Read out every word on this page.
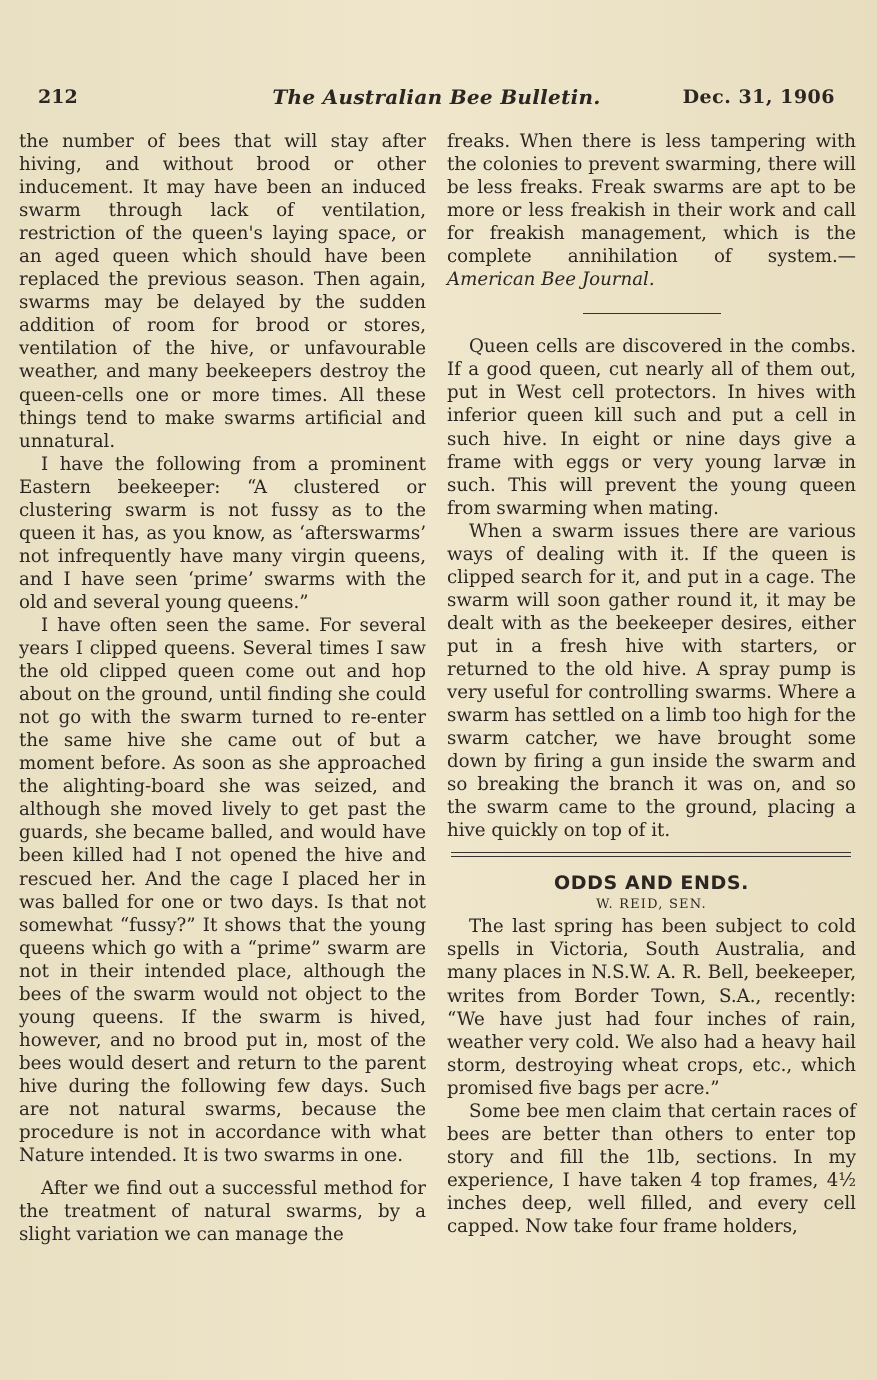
212	The Australian Bee Bulletin.	Dec. 31, 1906

the number of bees that will stay after hiving, and without brood or other inducement. It may have been an induced swarm through lack of ventilation, restriction of the queen's laying space, or an aged queen which should have been replaced the previous season. Then again, swarms may be delayed by the sudden addition of room for brood or stores, ventilation of the hive, or unfavourable weather, and many beekeepers destroy the queen-cells one or more times. All these things tend to make swarms artificial and unnatural.

I have the following from a prominent Eastern beekeeper: “A clustered or clustering swarm is not fussy as to the queen it has, as you know, as ‘afterswarms’ not infrequently have many virgin queens, and I have seen ‘prime’ swarms with the old and several young queens.”

I have often seen the same. For several years I clipped queens. Several times I saw the old clipped queen come out and hop about on the ground, until finding she could not go with the swarm turned to re-enter the same hive she came out of but a moment before. As soon as she approached the alighting-board she was seized, and although she moved lively to get past the guards, she became balled, and would have been killed had I not opened the hive and rescued her. And the cage I placed her in was balled for one or two days. Is that not somewhat “fussy?” It shows that the young queens which go with a “prime” swarm are not in their intended place, although the bees of the swarm would not object to the young queens. If the swarm is hived, however, and no brood put in, most of the bees would desert and return to the parent hive during the following few days. Such are not natural swarms, because the procedure is not in accordance with what Nature intended. It is two swarms in one.

After we find out a successful method for the treatment of natural swarms, by a slight variation we can manage the

freaks. When there is less tampering with the colonies to prevent swarming, there will be less freaks. Freak swarms are apt to be more or less freakish in their work and call for freakish management, which is the complete annihilation of system.— American Bee Journal.

Queen cells are discovered in the combs. If a good queen, cut nearly all of them out, put in West cell protectors. In hives with inferior queen kill such and put a cell in such hive. In eight or nine days give a frame with eggs or very young larvæ in such. This will prevent the young queen from swarming when mating.

When a swarm issues there are various ways of dealing with it. If the queen is clipped search for it, and put in a cage. The swarm will soon gather round it, it may be dealt with as the beekeeper desires, either put in a fresh hive with starters, or returned to the old hive. A spray pump is very useful for controlling swarms. Where a swarm has settled on a limb too high for the swarm catcher, we have brought some down by firing a gun inside the swarm and so breaking the branch it was on, and so the swarm came to the ground, placing a hive quickly on top of it.

ODDS AND ENDS.
W. REID, SEN.

The last spring has been subject to cold spells in Victoria, South Australia, and many places in N.S.W. A. R. Bell, beekeeper, writes from Border Town, S.A., recently: “We have just had four inches of rain, weather very cold. We also had a heavy hail storm, destroying wheat crops, etc., which promised five bags per acre.”

Some bee men claim that certain races of bees are better than others to enter top story and fill the 1lb, sections. In my experience, I have taken 4 top frames, 4½ inches deep, well filled, and every cell capped. Now take four frame holders,
